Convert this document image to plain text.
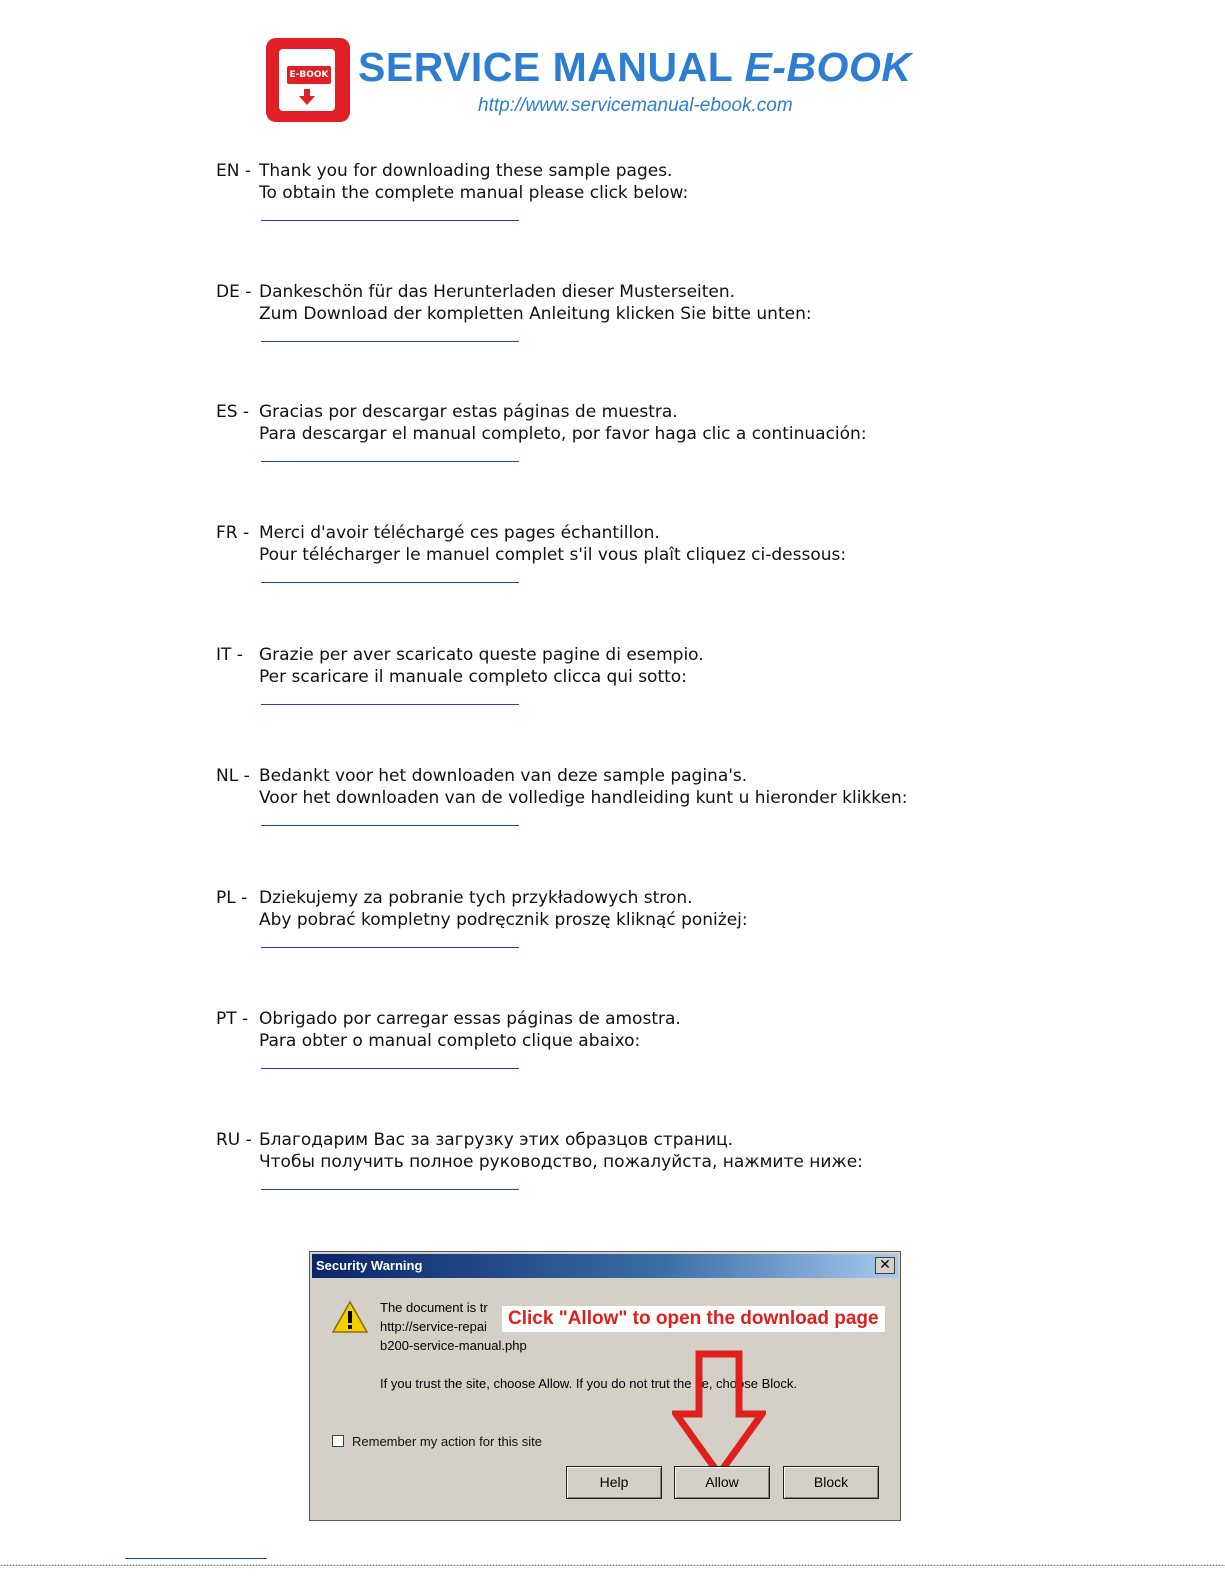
E-BOOK SERVICE MANUAL E-BOOK
http://www.servicemanual-ebook.com
EN - Thank you for downloading these sample pages.
To obtain the complete manual please click below:
DE - Dankeschön für das Herunterladen dieser Musterseiten.
Zum Download der kompletten Anleitung klicken Sie bitte unten:
ES - Gracias por descargar estas páginas de muestra.
Para descargar el manual completo, por favor haga clic a continuación:
FR - Merci d'avoir téléchargé ces pages échantillon.
Pour télécharger le manuel complet s'il vous plaît cliquez ci-dessous:
IT - Grazie per aver scaricato queste pagine di esempio.
Per scaricare il manuale completo clicca qui sotto:
NL - Bedankt voor het downloaden van deze sample pagina's.
Voor het downloaden van de volledige handleiding kunt u hieronder klikken:
PL - Dziekujemy za pobranie tych przykładowych stron.
Aby pobrać kompletny podręcznik proszę kliknąć poniżej:
PT - Obrigado por carregar essas páginas de amostra.
Para obter o manual completo clique abaixo:
RU - Благодарим Вас за загрузку этих образцов страниц.
Чтобы получить полное руководство, пожалуйста, нажмите ниже:
Security Warning	✕
The document is tr
http://service-repai
b200-service-manual.php
If you trust the site, choose Allow. If you do not trut the se, choose Block.
Click "Allow" to open the download page
Remember my action for this site
Help	Allow	Block
